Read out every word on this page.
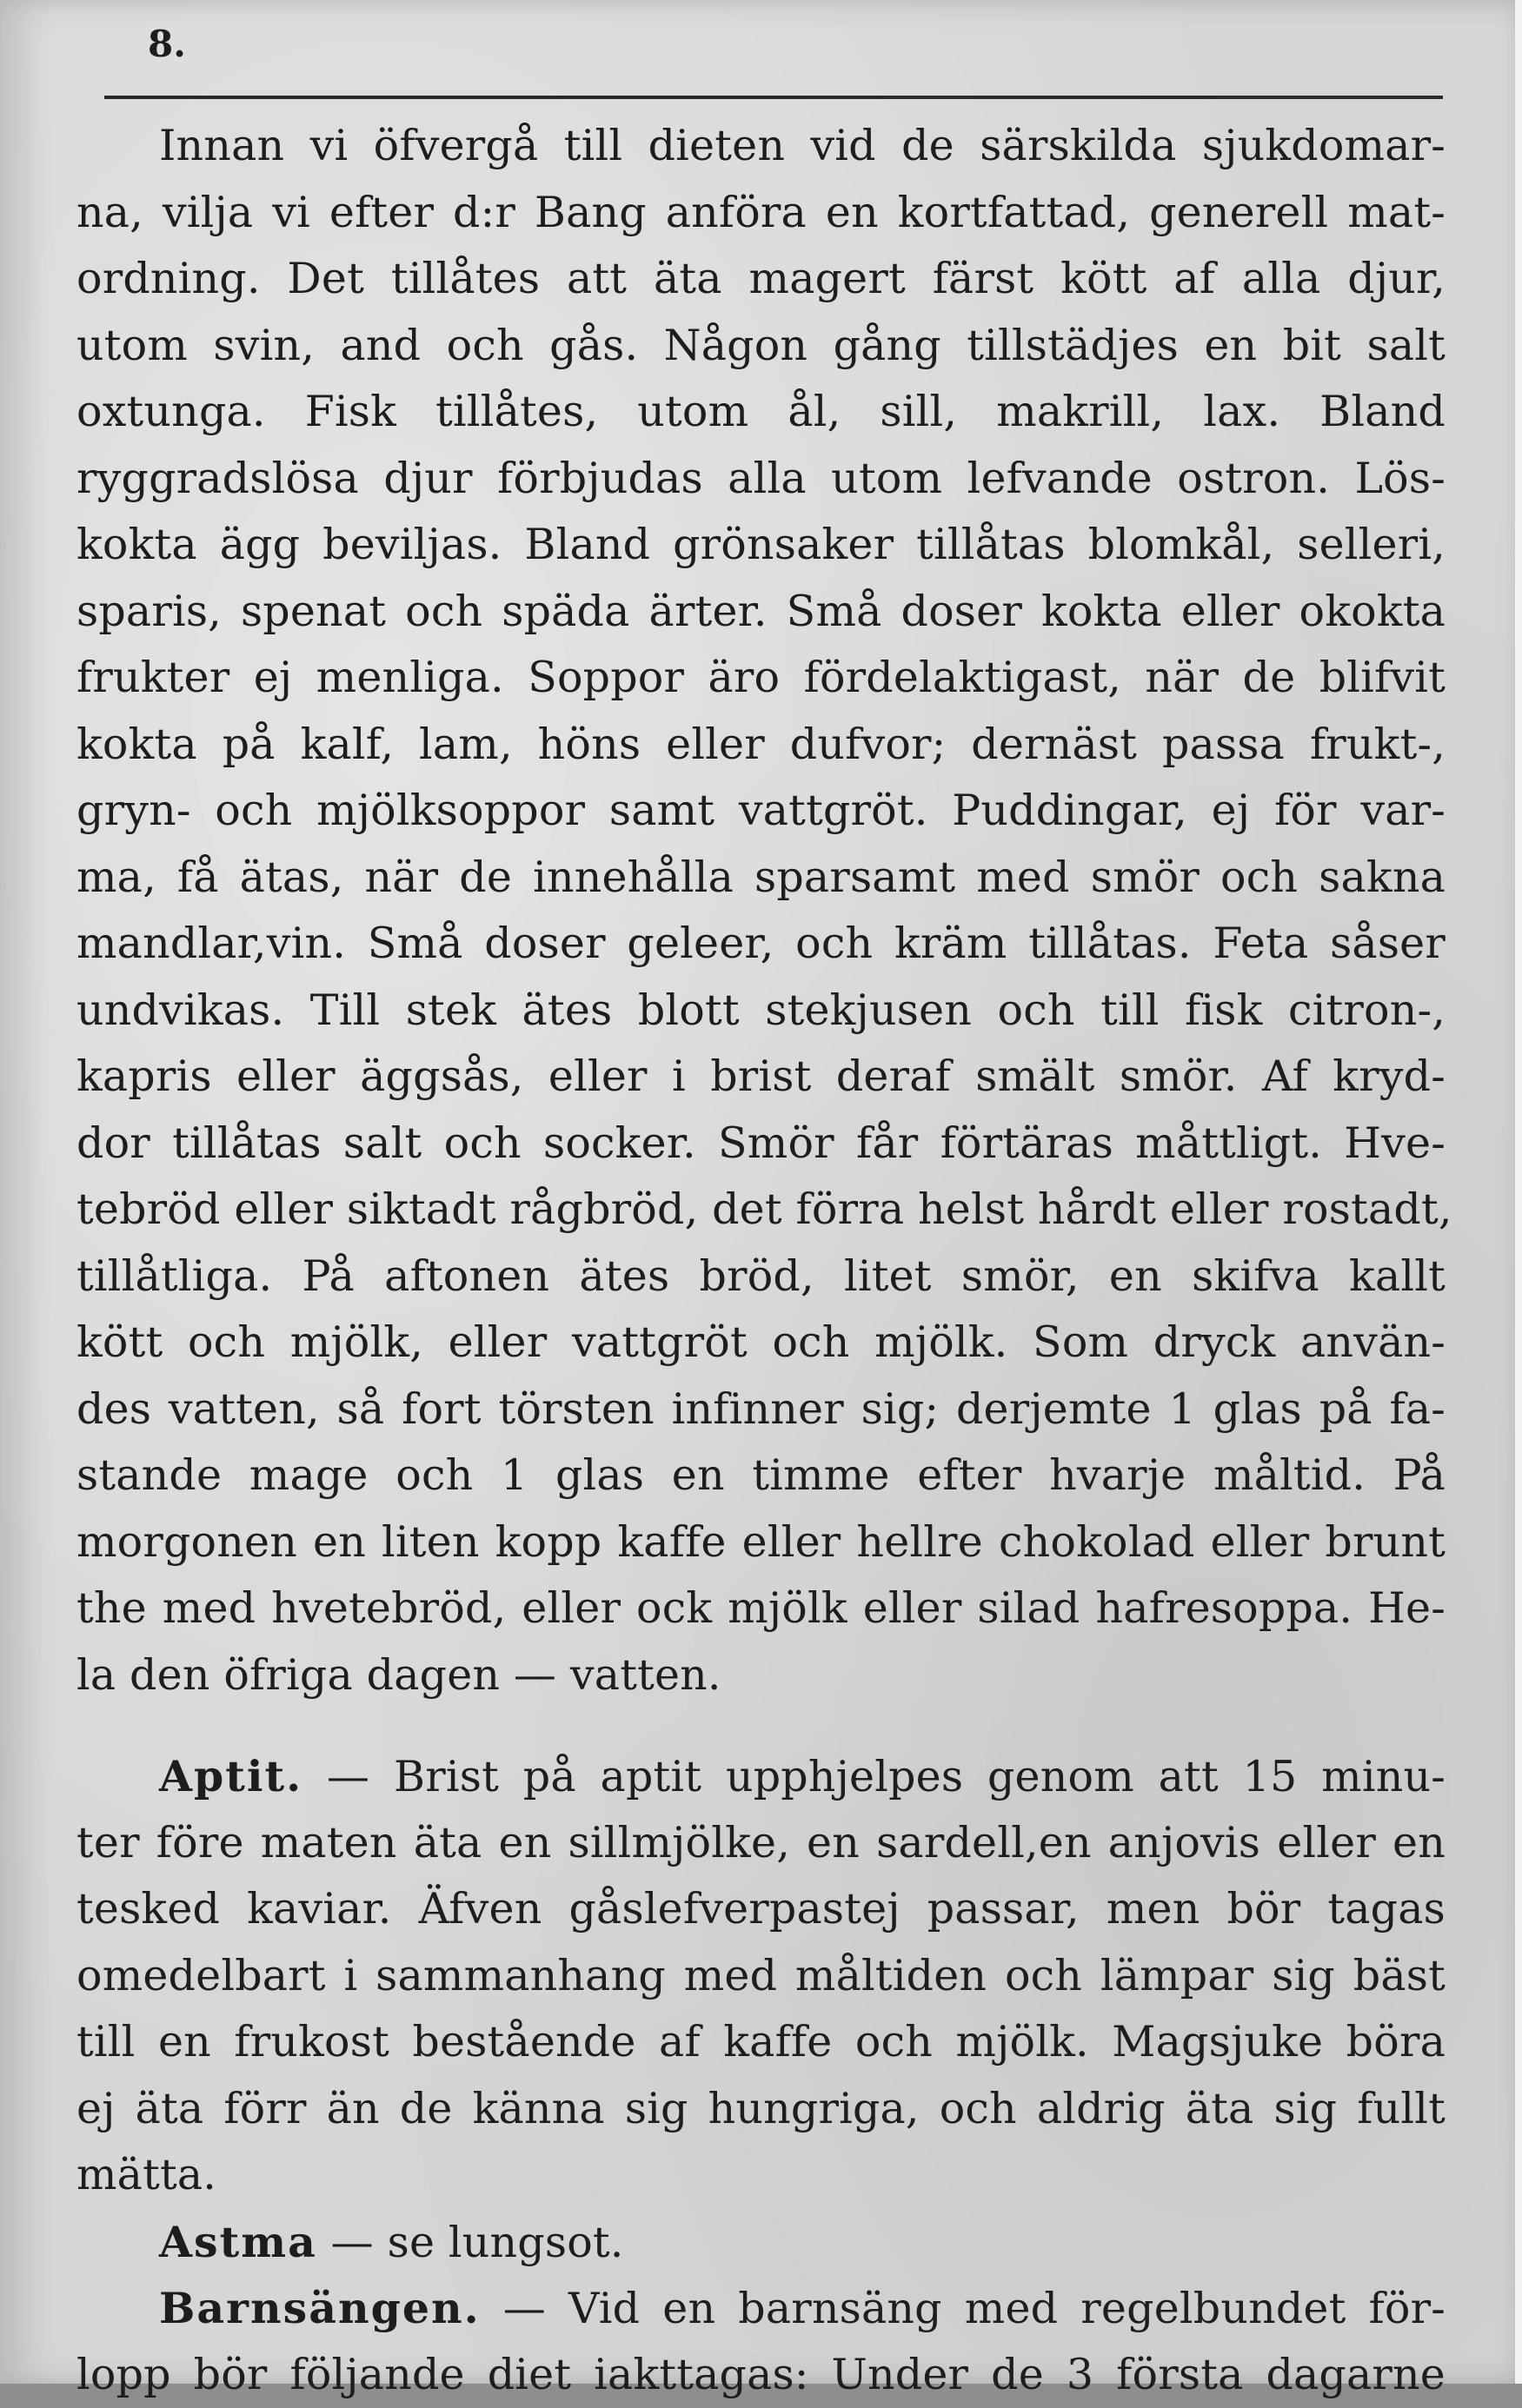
8.
Innan vi öfvergå till dieten vid de särskilda sjukdomar-
na, vilja vi efter d:r Bang anföra en kortfattad, generell mat-
ordning. Det tillåtes att äta magert färst kött af alla djur,
utom svin, and och gås. Någon gång tillstädjes en bit salt
oxtunga. Fisk tillåtes, utom ål, sill, makrill, lax. Bland
ryggradslösa djur förbjudas alla utom lefvande ostron. Lös-
kokta ägg beviljas. Bland grönsaker tillåtas blomkål, selleri,
sparis, spenat och späda ärter. Små doser kokta eller okokta
frukter ej menliga. Soppor äro fördelaktigast, när de blifvit
kokta på kalf, lam, höns eller dufvor; dernäst passa frukt-,
gryn- och mjölksoppor samt vattgröt. Puddingar, ej för var-
ma, få ätas, när de innehålla sparsamt med smör och sakna
mandlar,vin. Små doser geleer, och kräm tillåtas. Feta såser
undvikas. Till stek ätes blott stekjusen och till fisk citron-,
kapris eller äggsås, eller i brist deraf smält smör. Af kryd-
dor tillåtas salt och socker. Smör får förtäras måttligt. Hve-
tebröd eller siktadt rågbröd, det förra helst hårdt eller rostadt,
tillåtliga. På aftonen ätes bröd, litet smör, en skifva kallt
kött och mjölk, eller vattgröt och mjölk. Som dryck använ-
des vatten, så fort törsten infinner sig; derjemte 1 glas på fa-
stande mage och 1 glas en timme efter hvarje måltid. På
morgonen en liten kopp kaffe eller hellre chokolad eller brunt
the med hvetebröd, eller ock mjölk eller silad hafresoppa. He-
la den öfriga dagen — vatten.
Aptit. — Brist på aptit upphjelpes genom att 15 minu-
ter före maten äta en sillmjölke, en sardell,en anjovis eller en
tesked kaviar. Äfven gåslefverpastej passar, men bör tagas
omedelbart i sammanhang med måltiden och lämpar sig bäst
till en frukost bestående af kaffe och mjölk. Magsjuke böra
ej äta förr än de känna sig hungriga, och aldrig äta sig fullt
mätta.
Astma — se lungsot.
Barnsängen. — Vid en barnsäng med regelbundet för-
lopp bör följande diet iakttagas: Under de 3 första dagarne
